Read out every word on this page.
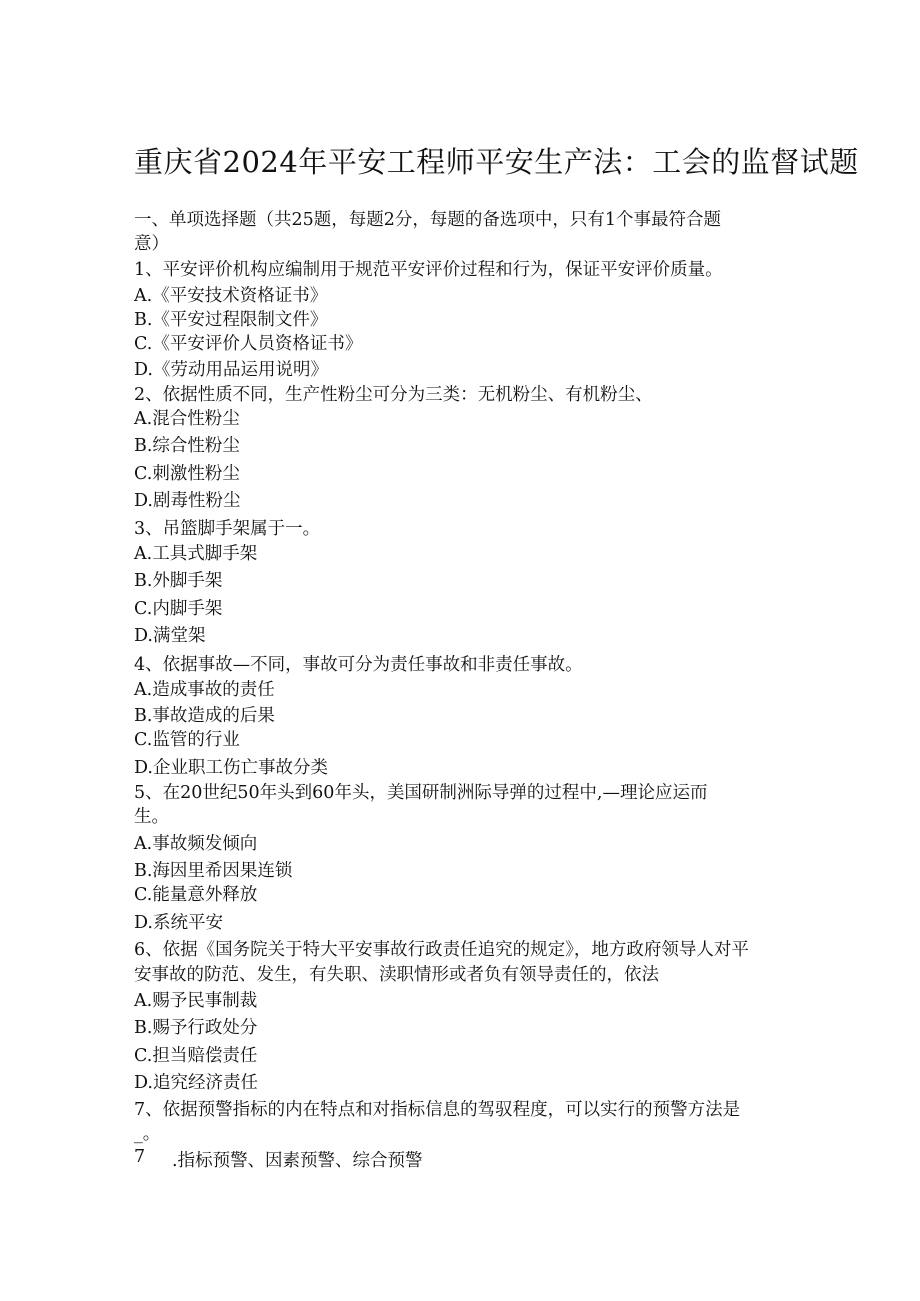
重庆省2024年平安工程师平安生产法：工会的监督试题
一、单项选择题（共25题，每题2分，每题的备选项中，只有1个事最符合题
意）
1、平安评价机构应编制用于规范平安评价过程和行为，保证平安评价质量。
A.《平安技术资格证书》
B.《平安过程限制文件》
C.《平安评价人员资格证书》
D.《劳动用品运用说明》
2、依据性质不同，生产性粉尘可分为三类：无机粉尘、有机粉尘、
A.混合性粉尘
B.综合性粉尘
C.刺激性粉尘
D.剧毒性粉尘
3、吊篮脚手架属于一。
A.工具式脚手架
B.外脚手架
C.内脚手架
D.满堂架
4、依据事故—不同，事故可分为责任事故和非责任事故。
A.造成事故的责任
B.事故造成的后果
C.监管的行业
D.企业职工伤亡事故分类
5、在20世纪50年头到60年头，美国研制洲际导弹的过程中,—理论应运而
生。
A.事故频发倾向
B.海因里希因果连锁
C.能量意外释放
D.系统平安
6、依据《国务院关于特大平安事故行政责任追究的规定》，地方政府领导人对平
安事故的防范、发生，有失职、渎职情形或者负有领导责任的，依法
A.赐予民事制裁
B.赐予行政处分
C.担当赔偿责任
D.追究经济责任
7、依据预警指标的内在特点和对指标信息的驾驭程度，可以实行的预警方法是
_。
7 .指标预警、因素预警、综合预警
